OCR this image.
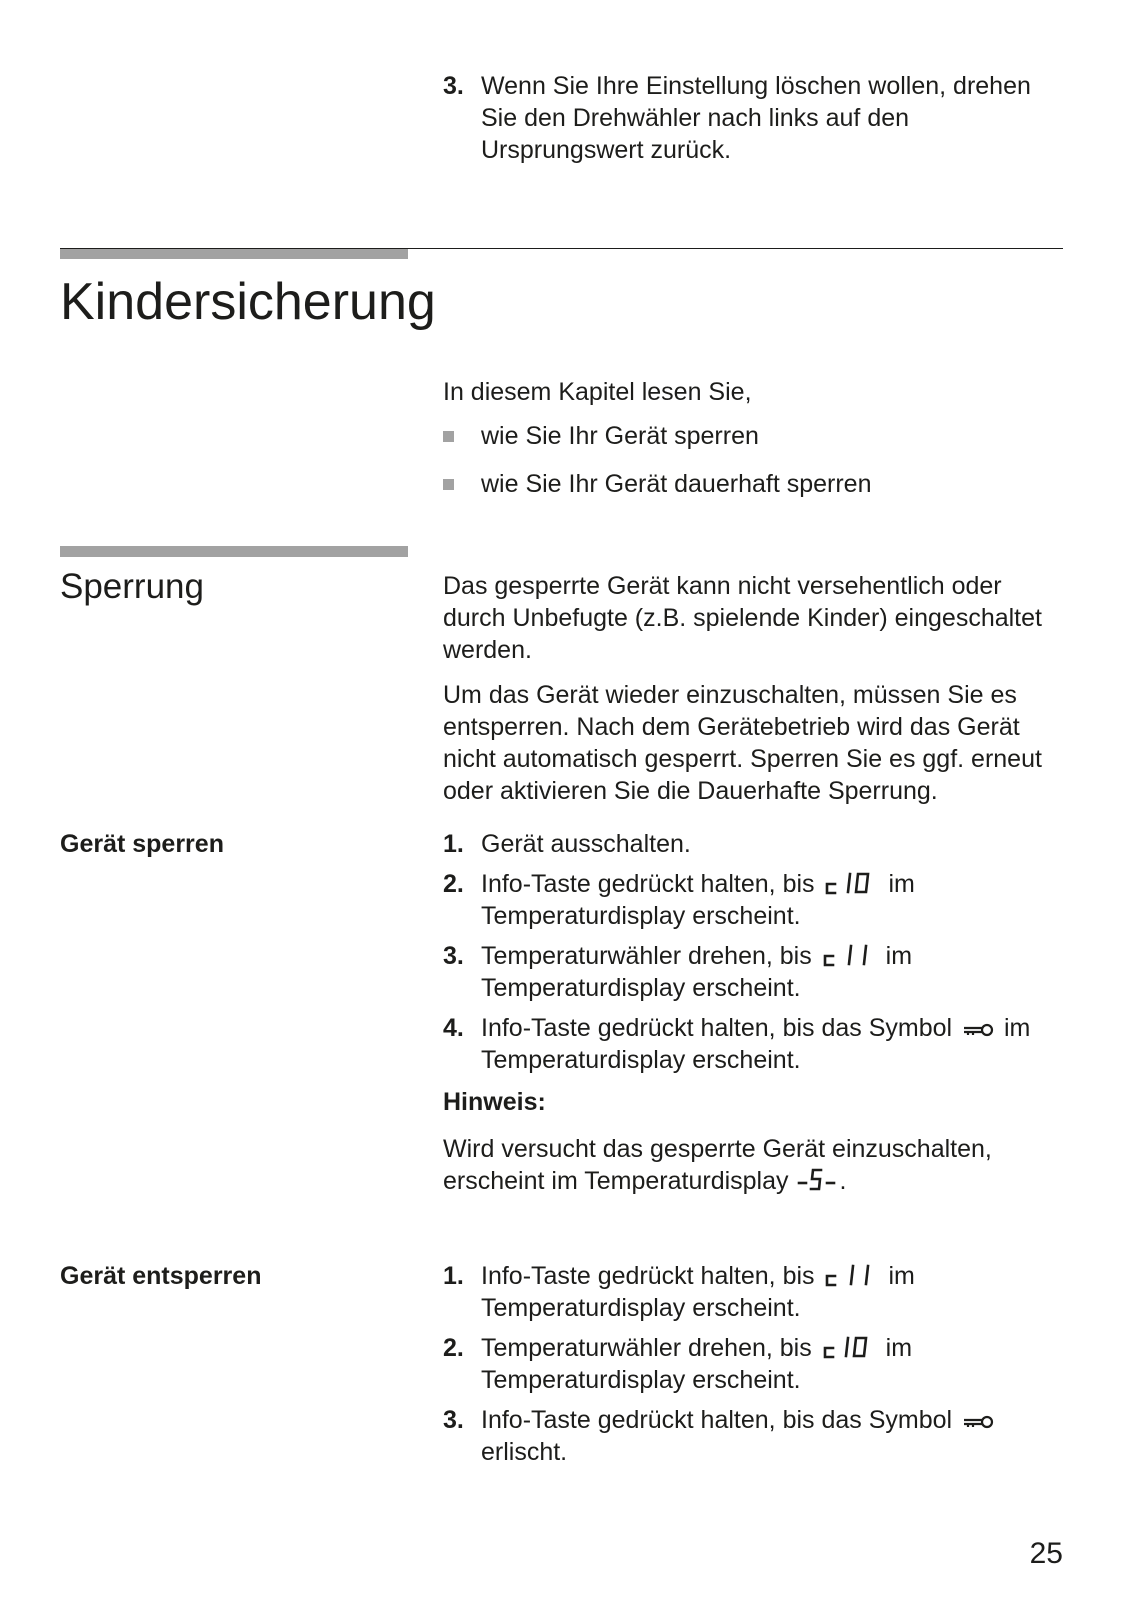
3. Wenn Sie Ihre Einstellung löschen wollen, drehen
Sie den Drehwähler nach links auf den
Ursprungswert zurück.
Kindersicherung
In diesem Kapitel lesen Sie,
wie Sie Ihr Gerät sperren
wie Sie Ihr Gerät dauerhaft sperren
Sperrung	Das gesperrte Gerät kann nicht versehentlich oder
durch Unbefugte (z.B. spielende Kinder) eingeschaltet
werden.
Um das Gerät wieder einzuschalten, müssen Sie es
entsperren. Nach dem Gerätebetrieb wird das Gerät
nicht automatisch gesperrt. Sperren Sie es ggf. erneut
oder aktivieren Sie die Dauerhafte Sperrung.
Gerät sperren	1. Gerät ausschalten.
2. Info-Taste gedrückt halten, bis	im
Temperaturdisplay erscheint.
3. Temperaturwähler drehen, bis	im
Temperaturdisplay erscheint.
4. Info-Taste gedrückt halten, bis das Symbol im
Temperaturdisplay erscheint.
Hinweis:
Wird versucht das gesperrte Gerät einzuschalten,
erscheint im Temperaturdisplay .
Gerät entsperren	1. Info-Taste gedrückt halten, bis	im
Temperaturdisplay erscheint.
2. Temperaturwähler drehen, bis	im
Temperaturdisplay erscheint.
3. Info-Taste gedrückt halten, bis das Symbol
erlischt.
25
